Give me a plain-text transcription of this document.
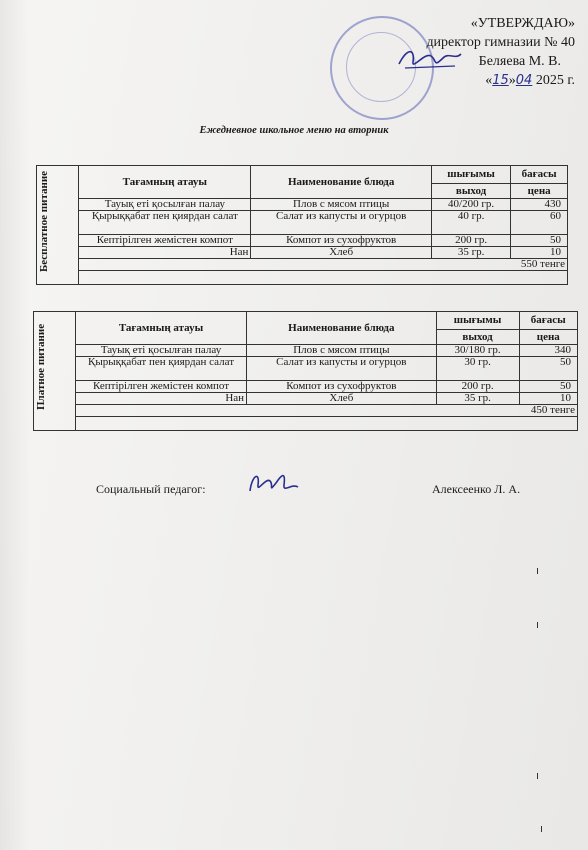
«УТВЕРЖДАЮ»
директор гимназии № 40
Беляева М. В.
«15»04 2025 г.
Ежедневное школьное меню на вторник
Бесплатное питание	Тағамның атауы	Наименование блюда	шығымы	бағасы
			выход	цена
	Тауық еті қосылған палау	Плов с мясом птицы	40/200 гр.	430
	Қырыққабат пен қиярдан салат	Салат из капусты и огурцов	40 гр.	60
	Кептірілген жемістен компот	Компот из сухофруктов	200 гр.	50
	Нан	Хлеб	35 гр.	10
	550 тенге			

Платное питание	Тағамның атауы	Наименование блюда	шығымы	бағасы
			выход	цена
	Тауық еті қосылған палау	Плов с мясом птицы	30/180 гр.	340
	Қырыққабат пен қиярдан салат	Салат из капусты и огурцов	30 гр.	50
	Кептірілген жемістен компот	Компот из сухофруктов	200 гр.	50
	Нан	Хлеб	35 гр.	10
	450 тенге			

Социальный педагог:	Алексеенко Л. А.
